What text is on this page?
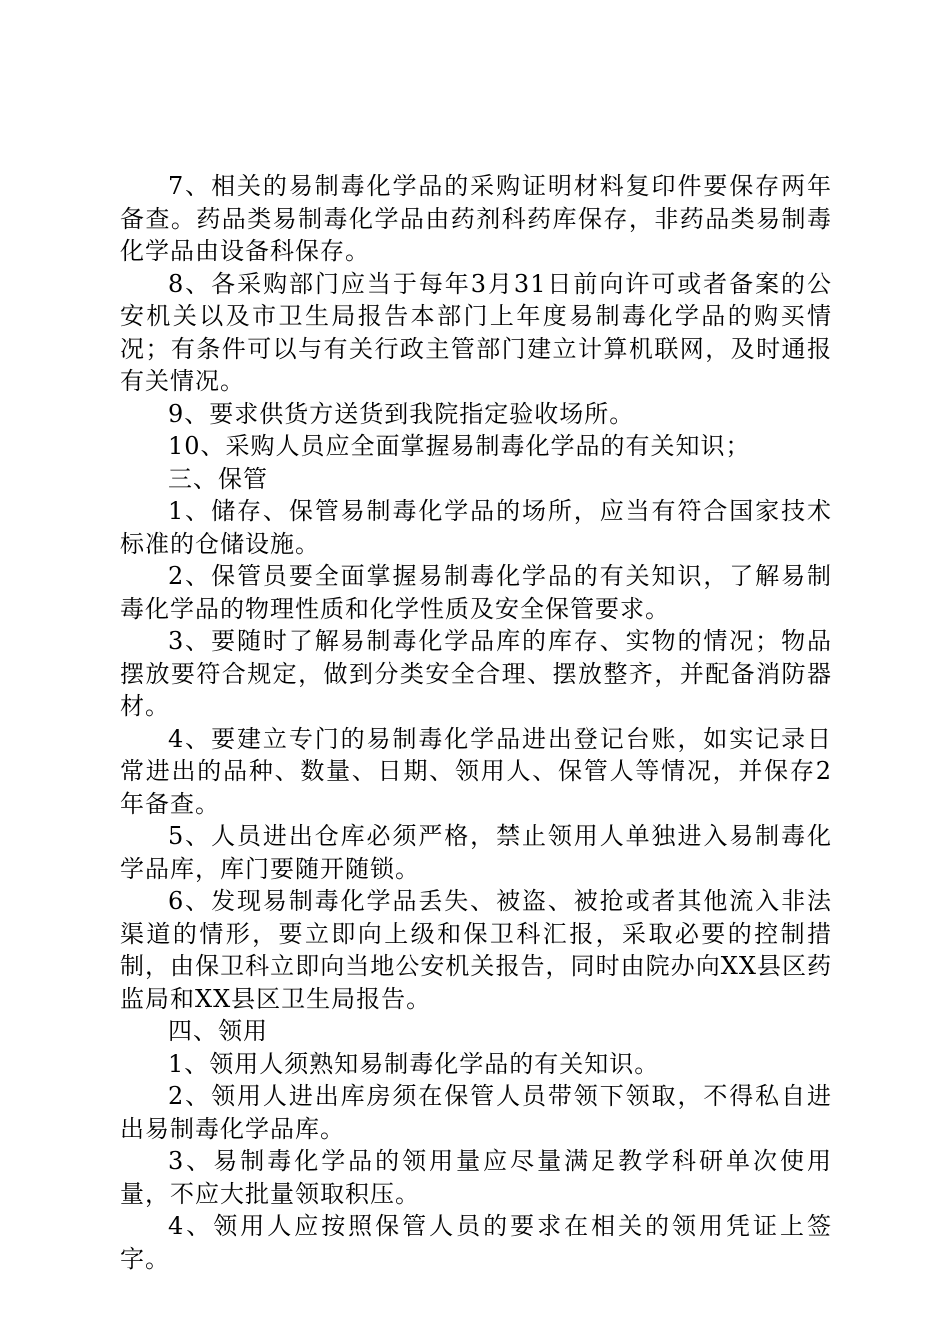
7、相关的易制毒化学品的采购证明材料复印件要保存两年备查。药品类易制毒化学品由药剂科药库保存，非药品类易制毒化学品由设备科保存。

8、各采购部门应当于每年3月31日前向许可或者备案的公安机关以及市卫生局报告本部门上年度易制毒化学品的购买情况；有条件可以与有关行政主管部门建立计算机联网，及时通报有关情况。

9、要求供货方送货到我院指定验收场所。

10、采购人员应全面掌握易制毒化学品的有关知识；

三、保管

1、储存、保管易制毒化学品的场所，应当有符合国家技术标准的仓储设施。

2、保管员要全面掌握易制毒化学品的有关知识，了解易制毒化学品的物理性质和化学性质及安全保管要求。

3、要随时了解易制毒化学品库的库存、实物的情况；物品摆放要符合规定，做到分类安全合理、摆放整齐，并配备消防器材。

4、要建立专门的易制毒化学品进出登记台账，如实记录日常进出的品种、数量、日期、领用人、保管人等情况，并保存2年备查。

5、人员进出仓库必须严格，禁止领用人单独进入易制毒化学品库，库门要随开随锁。

6、发现易制毒化学品丢失、被盗、被抢或者其他流入非法渠道的情形，要立即向上级和保卫科汇报，采取必要的控制措制，由保卫科立即向当地公安机关报告，同时由院办向XX县区药监局和XX县区卫生局报告。

四、领用

1、领用人须熟知易制毒化学品的有关知识。

2、领用人进出库房须在保管人员带领下领取，不得私自进出易制毒化学品库。

3、易制毒化学品的领用量应尽量满足教学科研单次使用量，不应大批量领取积压。

4、领用人应按照保管人员的要求在相关的领用凭证上签字。
